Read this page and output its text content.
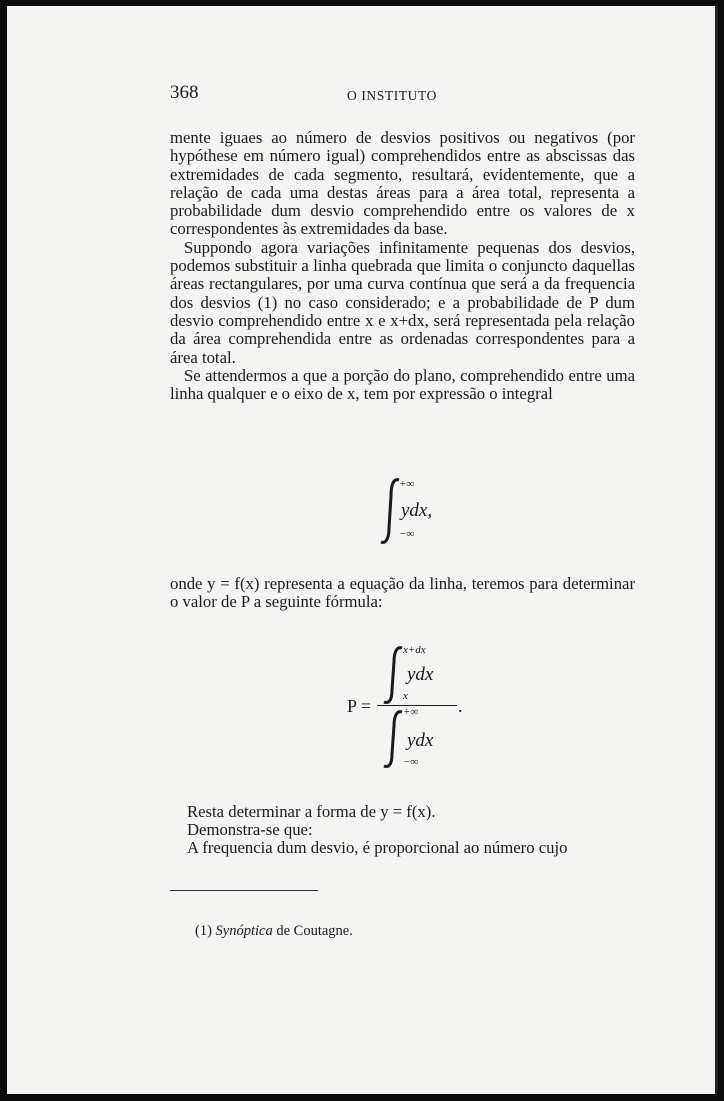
368	O INSTITUTO

mente iguaes ao número de desvios positivos ou negativos (por hypóthese em número igual) comprehendidos entre as abscissas das extremidades de cada segmento, resultará, evidentemente, que a relação de cada uma destas áreas para a área total, representa a probabilidade dum desvio comprehendido entre os valores de x correspondentes às extremidades da base.

Suppondo agora variações infinitamente pequenas dos desvios, podemos substituir a linha quebrada que limita o conjuncto daquellas áreas rectangulares, por uma curva contínua que será a da frequencia dos desvios (1) no caso considerado; e a probabilidade de P dum desvio comprehendido entre x e x+dx, será representada pela relação da área comprehendida entre as ordenadas correspondentes para a área total.

Se attendermos a que a porção do plano, comprehendido entre uma linha qualquer e o eixo de x, tem por expressão o integral

+∞
−∞
ydx,

onde y = f(x) representa a equação da linha, teremos para determinar o valor de P a seguinte fórmula:

P =
x+dx
x
ydx
.
+∞
−∞
ydx
Resta determinar a forma de y = f(x).
Demonstra-se que:
A frequencia dum desvio, é proporcional ao número cujo
(1) Synóptica de Coutagne.
